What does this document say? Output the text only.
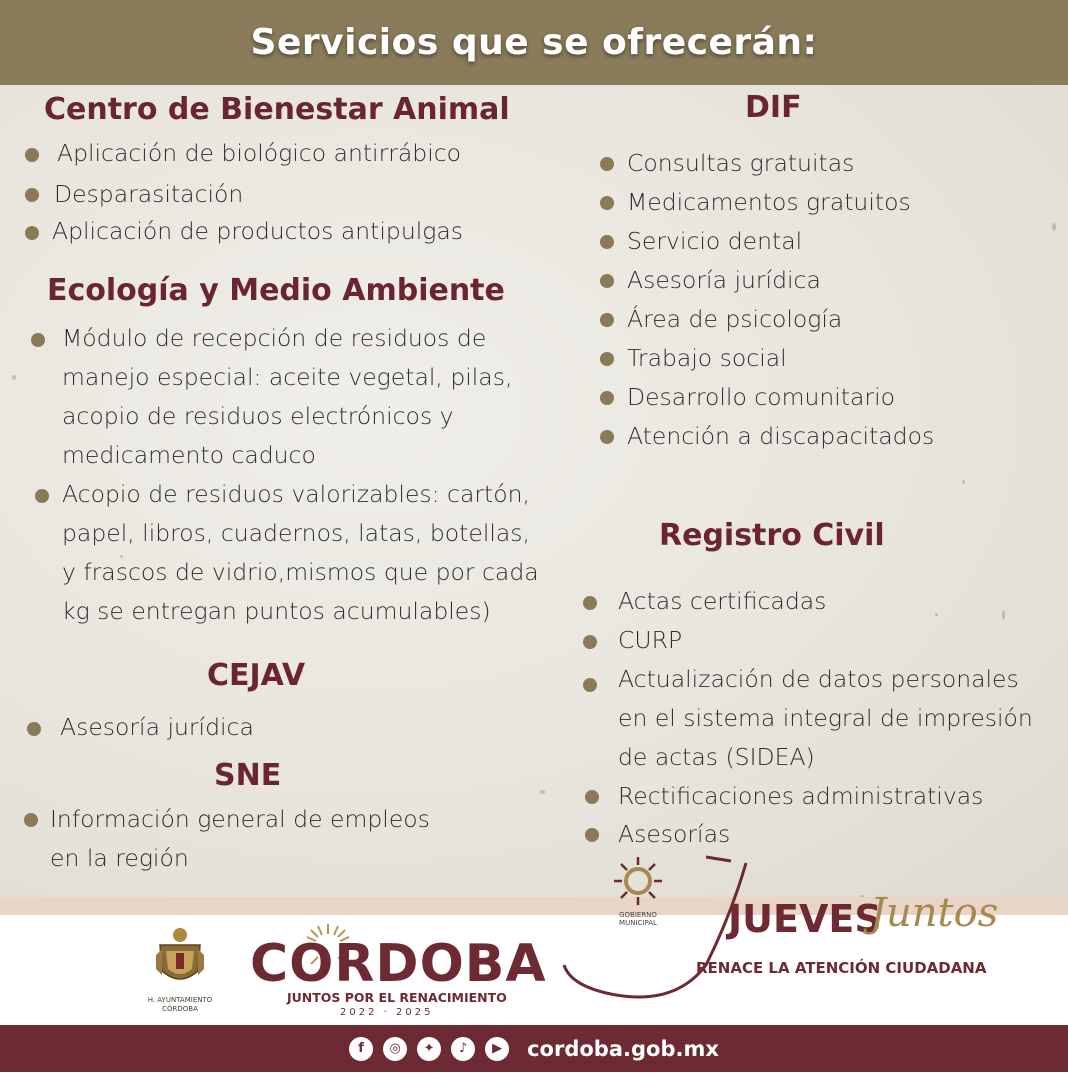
Servicios que se ofrecerán:
Centro de Bienestar Animal
Aplicación de biológico antirrábico
Desparasitación
Aplicación de productos antipulgas
Ecología y Medio Ambiente
Módulo de recepción de residuos de
manejo especial: aceite vegetal, pilas,
acopio de residuos electrónicos y
medicamento caduco
Acopio de residuos valorizables: cartón,
papel, libros, cuadernos, latas, botellas,
y frascos de vidrio,mismos que por cada
kg se entregan puntos acumulables)
CEJAV
Asesoría jurídica
SNE
Información general de empleos
en la región
DIF
Consultas gratuitas
Medicamentos gratuitos
Servicio dental
Asesoría jurídica
Área de psicología
Trabajo social
Desarrollo comunitario
Atención a discapacitados
Registro Civil
Actas certificadas
CURP
Actualización de datos personales
en el sistema integral de impresión
de actas (SIDEA)
Rectificaciones administrativas
Asesorías
H. AYUNTAMIENTO
CÓRDOBA
CORDOBA
JUNTOS POR EL RENACIMIENTO
2022 · 2025
GOBIERNO
MUNICIPAL JUEVES
Juntos
RENACE LA ATENCIÓN CIUDADANA
f	◎	✦	♪	▶	cordoba.gob.mx
